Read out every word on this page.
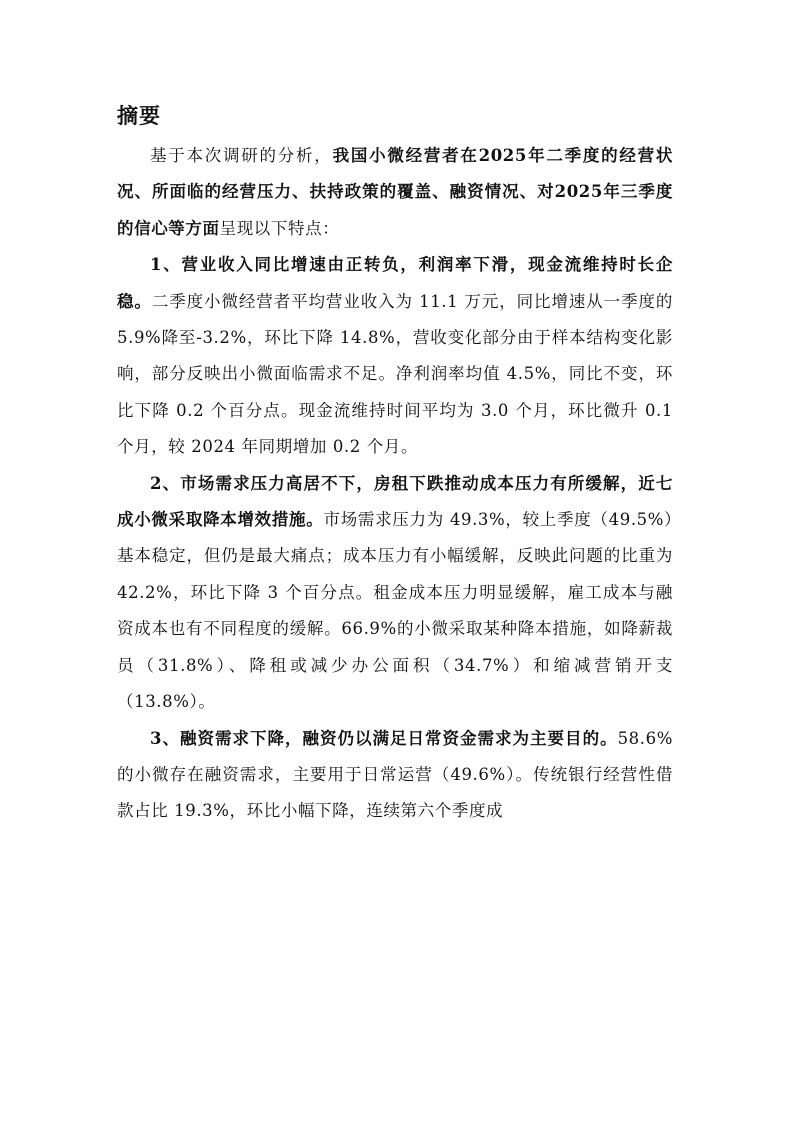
摘要

基于本次调研的分析，我国小微经营者在2025年二季度的经营状况、所面临的经营压力、扶持政策的覆盖、融资情况、对2025年三季度的信心等方面呈现以下特点：

1、营业收入同比增速由正转负，利润率下滑，现金流维持时长企稳。二季度小微经营者平均营业收入为 11.1 万元，同比增速从一季度的 5.9%降至-3.2%，环比下降 14.8%，营收变化部分由于样本结构变化影响，部分反映出小微面临需求不足。净利润率均值 4.5%，同比不变，环比下降 0.2 个百分点。现金流维持时间平均为 3.0 个月，环比微升 0.1 个月，较 2024 年同期增加 0.2 个月。

2、市场需求压力高居不下，房租下跌推动成本压力有所缓解，近七成小微采取降本增效措施。市场需求压力为 49.3%，较上季度（49.5%）基本稳定，但仍是最大痛点；成本压力有小幅缓解，反映此问题的比重为 42.2%，环比下降 3 个百分点。租金成本压力明显缓解，雇工成本与融资成本也有不同程度的缓解。66.9%的小微采取某种降本措施，如降薪裁员（31.8%）、降租或减少办公面积（34.7%）和缩减营销开支（13.8%）。

3、融资需求下降，融资仍以满足日常资金需求为主要目的。58.6%的小微存在融资需求，主要用于日常运营（49.6%）。传统银行经营性借款占比 19.3%，环比小幅下降，连续第六个季度成
